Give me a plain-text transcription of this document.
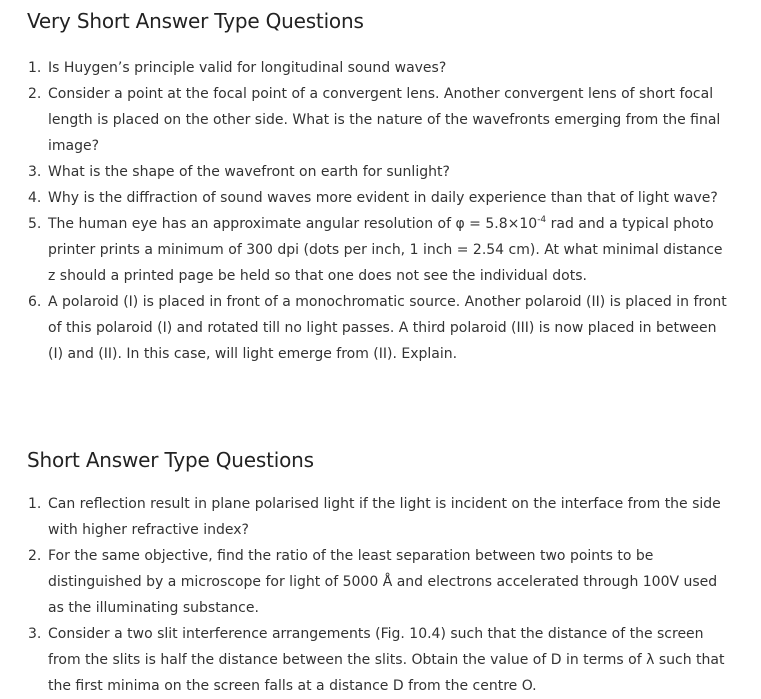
Very Short Answer Type Questions
1. Is Huygen’s principle valid for longitudinal sound waves?
2. Consider a point at the focal point of a convergent lens. Another convergent lens of short focal length is placed on the other side. What is the nature of the wavefronts emerging from the final image?
3. What is the shape of the wavefront on earth for sunlight?
4. Why is the diffraction of sound waves more evident in daily experience than that of light wave?
5. The human eye has an approximate angular resolution of $\varphi = 5.8\times 10^{-4}$ rad and a typical photo printer prints a minimum of 300 dpi (dots per inch, 1 inch = 2.54 cm). At what minimal distance z should a printed page be held so that one does not see the individual dots.
6. A polaroid (I) is placed in front of a monochromatic source. Another polaroid (II) is placed in front of this polaroid (I) and rotated till no light passes. A third polaroid (III) is now placed in between (I) and (II). In this case, will light emerge from (II). Explain.
Short Answer Type Questions
1. Can reflection result in plane polarised light if the light is incident on the interface from the side with higher refractive index?
2. For the same objective, find the ratio of the least separation between two points to be distinguished by a microscope for light of 5000 Å and electrons accelerated through 100V used as the illuminating substance.
3. Consider a two slit interference arrangements (Fig. 10.4) such that the distance of the screen from the slits is half the distance between the slits. Obtain the value of D in terms of λ such that the first minima on the screen falls at a distance D from the centre O.
